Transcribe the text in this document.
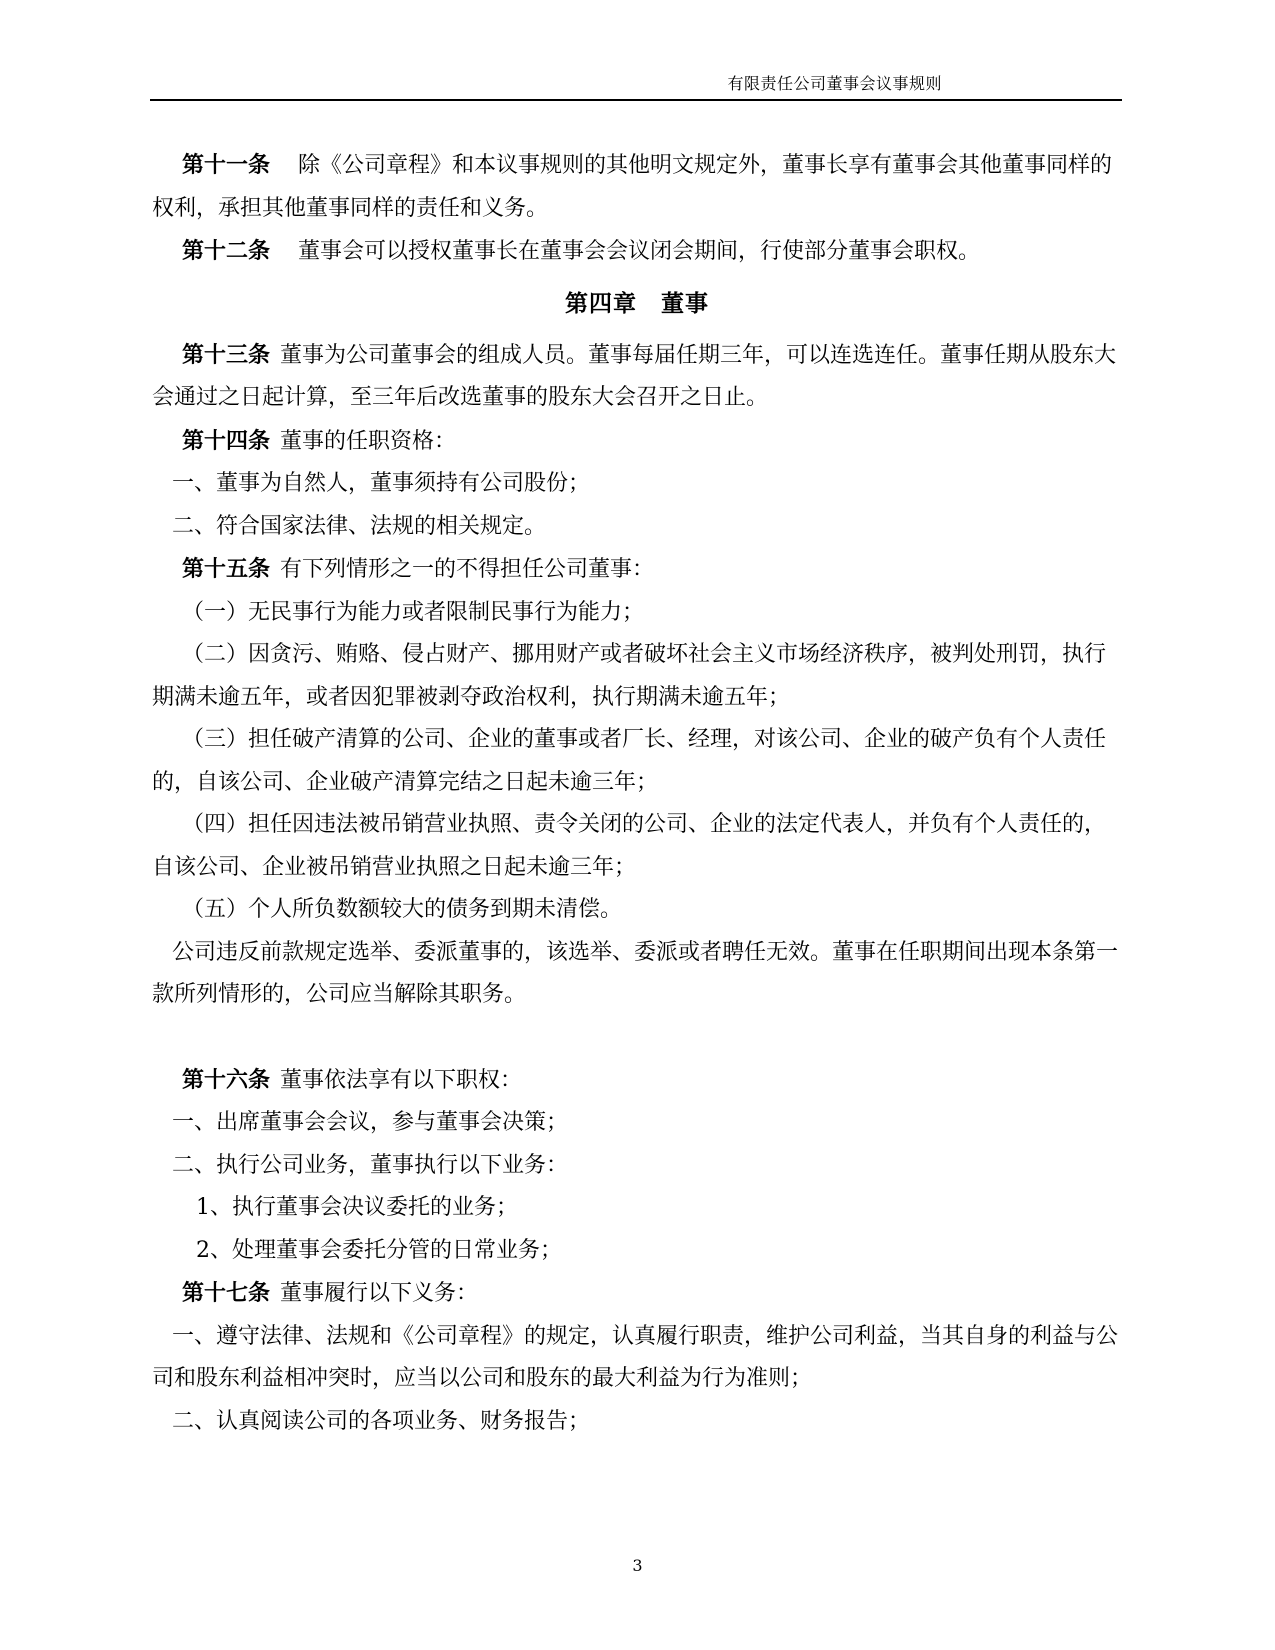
有限责任公司董事会议事规则

第十一条 除《公司章程》和本议事规则的其他明文规定外，董事长享有董事会其他董事同样的权利，承担其他董事同样的责任和义务。

第十二条 董事会可以授权董事长在董事会会议闭会期间，行使部分董事会职权。

第四章　董事

第十三条 董事为公司董事会的组成人员。董事每届任期三年，可以连选连任。董事任期从股东大会通过之日起计算，至三年后改选董事的股东大会召开之日止。

第十四条 董事的任职资格：

一、董事为自然人，董事须持有公司股份；

二、符合国家法律、法规的相关规定。

第十五条 有下列情形之一的不得担任公司董事：

（一）无民事行为能力或者限制民事行为能力；

（二）因贪污、贿赂、侵占财产、挪用财产或者破坏社会主义市场经济秩序，被判处刑罚，执行期满未逾五年，或者因犯罪被剥夺政治权利，执行期满未逾五年；

（三）担任破产清算的公司、企业的董事或者厂长、经理，对该公司、企业的破产负有个人责任的，自该公司、企业破产清算完结之日起未逾三年；

（四）担任因违法被吊销营业执照、责令关闭的公司、企业的法定代表人，并负有个人责任的，自该公司、企业被吊销营业执照之日起未逾三年；

（五）个人所负数额较大的债务到期未清偿。

公司违反前款规定选举、委派董事的，该选举、委派或者聘任无效。董事在任职期间出现本条第一款所列情形的，公司应当解除其职务。

第十六条 董事依法享有以下职权：

一、出席董事会会议，参与董事会决策；

二、执行公司业务，董事执行以下业务：

1、执行董事会决议委托的业务；

2、处理董事会委托分管的日常业务；

第十七条 董事履行以下义务：

一、遵守法律、法规和《公司章程》的规定，认真履行职责，维护公司利益，当其自身的利益与公司和股东利益相冲突时，应当以公司和股东的最大利益为行为准则；

二、认真阅读公司的各项业务、财务报告；

3
